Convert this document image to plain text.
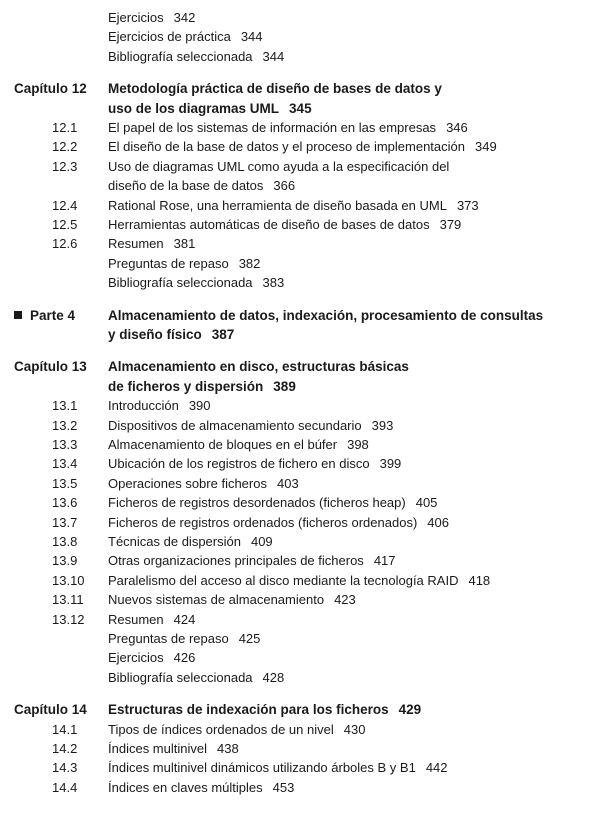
Ejercicios 342
Ejercicios de práctica 344
Bibliografía seleccionada 344
Capítulo 12 Metodología práctica de diseño de bases de datos y
uso de los diagramas UML 345
12.1 El papel de los sistemas de información en las empresas 346
12.2 El diseño de la base de datos y el proceso de implementación 349
12.3 Uso de diagramas UML como ayuda a la especificación del
diseño de la base de datos 366
12.4 Rational Rose, una herramienta de diseño basada en UML 373
12.5 Herramientas automáticas de diseño de bases de datos 379
12.6 Resumen 381
Preguntas de repaso 382
Bibliografía seleccionada 383
Parte 4 Almacenamiento de datos, indexación, procesamiento de consultas
y diseño físico 387
Capítulo 13 Almacenamiento en disco, estructuras básicas
de ficheros y dispersión 389
13.1 Introducción 390
13.2 Dispositivos de almacenamiento secundario 393
13.3 Almacenamiento de bloques en el búfer 398
13.4 Ubicación de los registros de fichero en disco 399
13.5 Operaciones sobre ficheros 403
13.6 Ficheros de registros desordenados (ficheros heap) 405
13.7 Ficheros de registros ordenados (ficheros ordenados) 406
13.8 Técnicas de dispersión 409
13.9 Otras organizaciones principales de ficheros 417
13.10 Paralelismo del acceso al disco mediante la tecnología RAID 418
13.11 Nuevos sistemas de almacenamiento 423
13.12 Resumen 424
Preguntas de repaso 425
Ejercicios 426
Bibliografía seleccionada 428
Capítulo 14 Estructuras de indexación para los ficheros 429
14.1 Tipos de índices ordenados de un nivel 430
14.2 Índices multinivel 438
14.3 Índices multinivel dinámicos utilizando árboles B y B1 442
14.4 Índices en claves múltiples 453
